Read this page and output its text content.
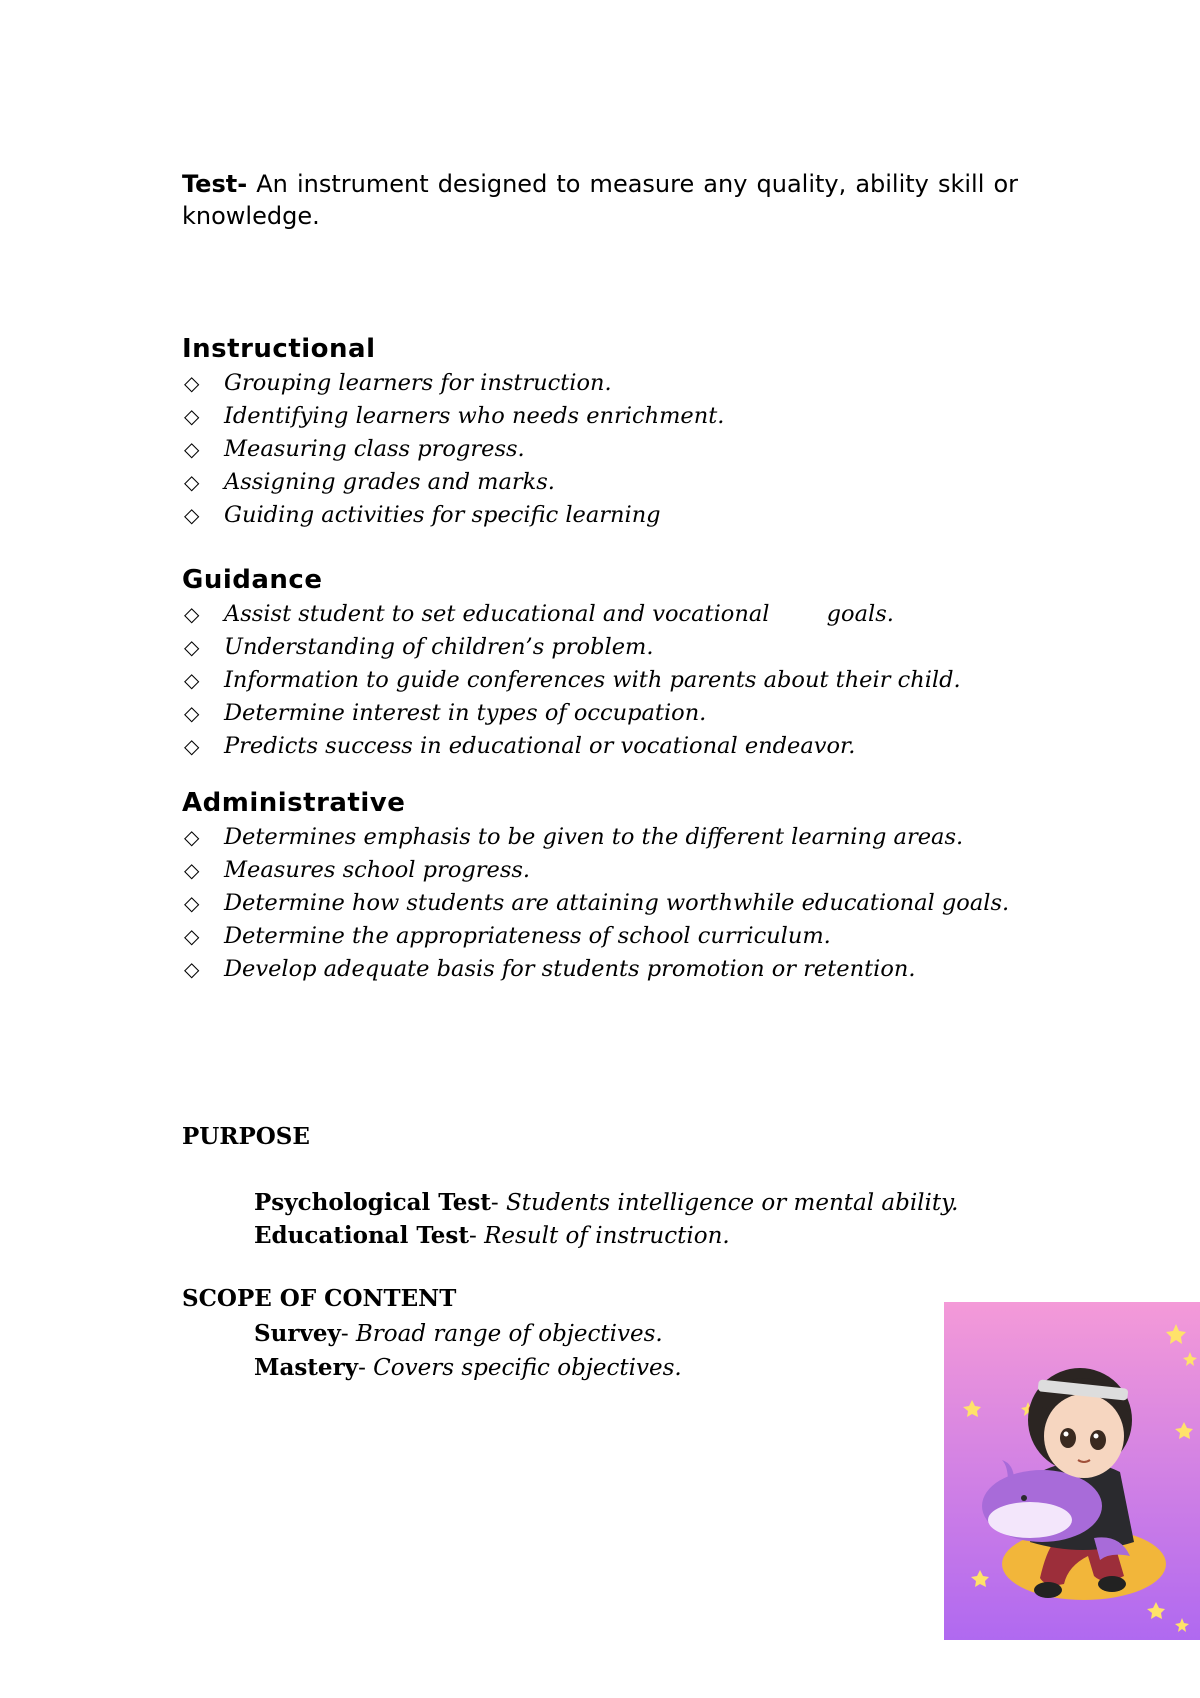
Test- An instrument designed to measure any quality, ability skill or knowledge.

Instructional
◇ Grouping learners for instruction.
◇ Identifying learners who needs enrichment.
◇ Measuring class progress.
◇ Assigning grades and marks.
◇ Guiding activities for specific learning
Guidance
◇ Assist student to set educational and vocational        goals.
◇ Understanding of children’s problem.
◇ Information to guide conferences with parents about their child.
◇ Determine interest in types of occupation.
◇ Predicts success in educational or vocational endeavor.
Administrative
◇ Determines emphasis to be given to the different learning areas.
◇ Measures school progress.
◇ Determine how students are attaining worthwhile educational goals.
◇ Determine the appropriateness of school curriculum.
◇ Develop adequate basis for students promotion or retention.
PURPOSE
Psychological Test- Students intelligence or mental ability.
Educational Test- Result of instruction.
SCOPE OF CONTENT
Survey- Broad range of objectives.
Mastery- Covers specific objectives.
